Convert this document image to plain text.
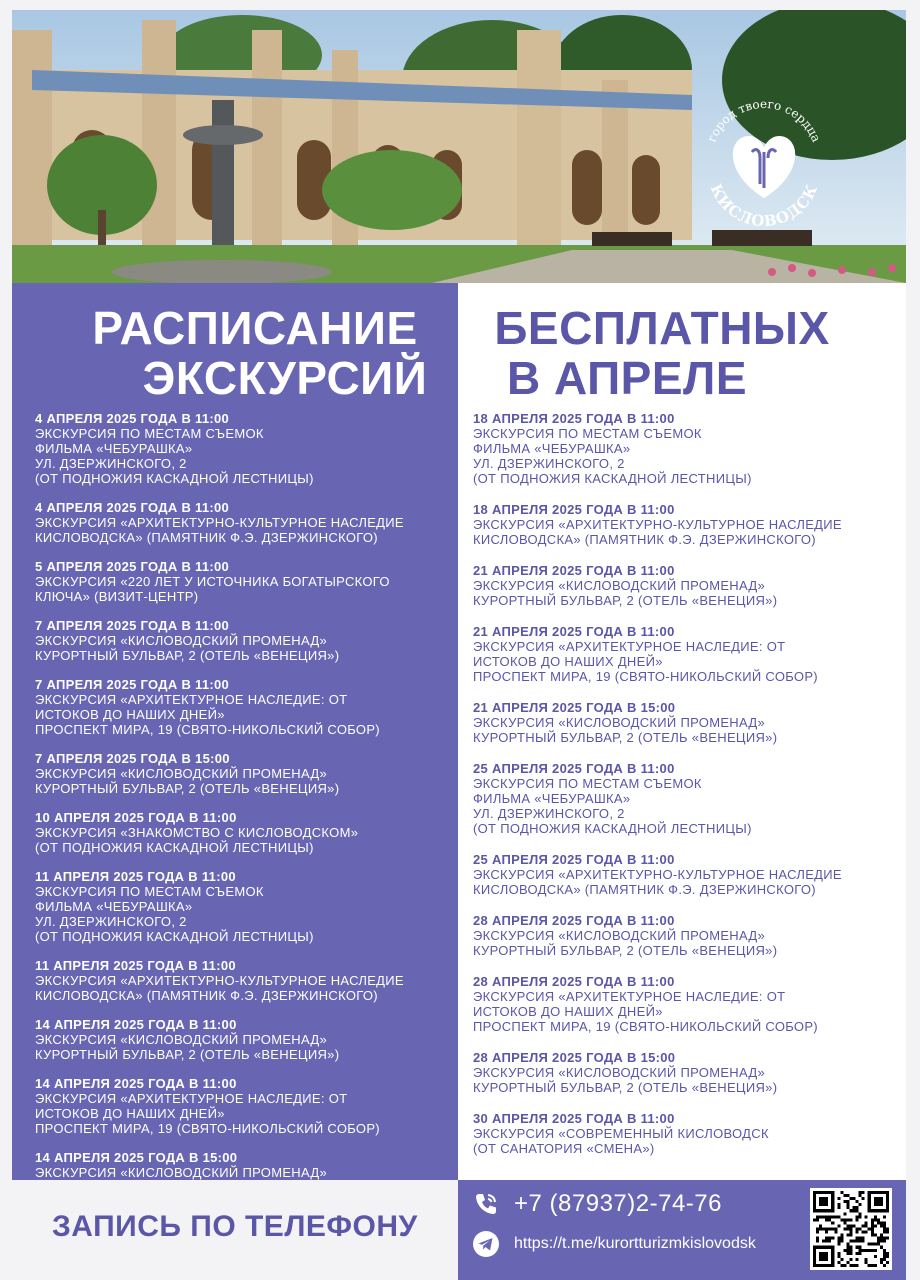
город твоего сердца
КИСЛОВОДСК
РАСПИСАНИЕ
ЭКСКУРСИЙ
4 АПРЕЛЯ 2025 ГОДА В 11:00
ЭКСКУРСИЯ ПО МЕСТАМ СЪЕМОК
ФИЛЬМА «ЧЕБУРАШКА»
УЛ. ДЗЕРЖИНСКОГО, 2
(ОТ ПОДНОЖИЯ КАСКАДНОЙ ЛЕСТНИЦЫ)
4 АПРЕЛЯ 2025 ГОДА В 11:00
ЭКСКУРСИЯ «АРХИТЕКТУРНО-КУЛЬТУРНОЕ НАСЛЕДИЕ
КИСЛОВОДСКА» (ПАМЯТНИК Ф.Э. ДЗЕРЖИНСКОГО)
5 АПРЕЛЯ 2025 ГОДА В 11:00
ЭКСКУРСИЯ «220 ЛЕТ У ИСТОЧНИКА БОГАТЫРСКОГО
КЛЮЧА» (ВИЗИТ-ЦЕНТР)
7 АПРЕЛЯ 2025 ГОДА В 11:00
ЭКСКУРСИЯ «КИСЛОВОДСКИЙ ПРОМЕНАД»
КУРОРТНЫЙ БУЛЬВАР, 2 (ОТЕЛЬ «ВЕНЕЦИЯ»)
7 АПРЕЛЯ 2025 ГОДА В 11:00
ЭКСКУРСИЯ «АРХИТЕКТУРНОЕ НАСЛЕДИЕ: ОТ
ИСТОКОВ ДО НАШИХ ДНЕЙ»
ПРОСПЕКТ МИРА, 19 (СВЯТО-НИКОЛЬСКИЙ СОБОР)
7 АПРЕЛЯ 2025 ГОДА В 15:00
ЭКСКУРСИЯ «КИСЛОВОДСКИЙ ПРОМЕНАД»
КУРОРТНЫЙ БУЛЬВАР, 2 (ОТЕЛЬ «ВЕНЕЦИЯ»)
10 АПРЕЛЯ 2025 ГОДА В 11:00
ЭКСКУРСИЯ «ЗНАКОМСТВО С КИСЛОВОДСКОМ»
(ОТ ПОДНОЖИЯ КАСКАДНОЙ ЛЕСТНИЦЫ)
11 АПРЕЛЯ 2025 ГОДА В 11:00
ЭКСКУРСИЯ ПО МЕСТАМ СЪЕМОК
ФИЛЬМА «ЧЕБУРАШКА»
УЛ. ДЗЕРЖИНСКОГО, 2
(ОТ ПОДНОЖИЯ КАСКАДНОЙ ЛЕСТНИЦЫ)
11 АПРЕЛЯ 2025 ГОДА В 11:00
ЭКСКУРСИЯ «АРХИТЕКТУРНО-КУЛЬТУРНОЕ НАСЛЕДИЕ
КИСЛОВОДСКА» (ПАМЯТНИК Ф.Э. ДЗЕРЖИНСКОГО)
14 АПРЕЛЯ 2025 ГОДА В 11:00
ЭКСКУРСИЯ «КИСЛОВОДСКИЙ ПРОМЕНАД»
КУРОРТНЫЙ БУЛЬВАР, 2 (ОТЕЛЬ «ВЕНЕЦИЯ»)
14 АПРЕЛЯ 2025 ГОДА В 11:00
ЭКСКУРСИЯ «АРХИТЕКТУРНОЕ НАСЛЕДИЕ: ОТ
ИСТОКОВ ДО НАШИХ ДНЕЙ»
ПРОСПЕКТ МИРА, 19 (СВЯТО-НИКОЛЬСКИЙ СОБОР)
14 АПРЕЛЯ 2025 ГОДА В 15:00
ЭКСКУРСИЯ «КИСЛОВОДСКИЙ ПРОМЕНАД»
БЕСПЛАТНЫХ
В АПРЕЛЕ
18 АПРЕЛЯ 2025 ГОДА В 11:00
ЭКСКУРСИЯ ПО МЕСТАМ СЪЕМОК
ФИЛЬМА «ЧЕБУРАШКА»
УЛ. ДЗЕРЖИНСКОГО, 2
(ОТ ПОДНОЖИЯ КАСКАДНОЙ ЛЕСТНИЦЫ)
18 АПРЕЛЯ 2025 ГОДА В 11:00
ЭКСКУРСИЯ «АРХИТЕКТУРНО-КУЛЬТУРНОЕ НАСЛЕДИЕ
КИСЛОВОДСКА» (ПАМЯТНИК Ф.Э. ДЗЕРЖИНСКОГО)
21 АПРЕЛЯ 2025 ГОДА В 11:00
ЭКСКУРСИЯ «КИСЛОВОДСКИЙ ПРОМЕНАД»
КУРОРТНЫЙ БУЛЬВАР, 2 (ОТЕЛЬ «ВЕНЕЦИЯ»)
21 АПРЕЛЯ 2025 ГОДА В 11:00
ЭКСКУРСИЯ «АРХИТЕКТУРНОЕ НАСЛЕДИЕ: ОТ
ИСТОКОВ ДО НАШИХ ДНЕЙ»
ПРОСПЕКТ МИРА, 19 (СВЯТО-НИКОЛЬСКИЙ СОБОР)
21 АПРЕЛЯ 2025 ГОДА В 15:00
ЭКСКУРСИЯ «КИСЛОВОДСКИЙ ПРОМЕНАД»
КУРОРТНЫЙ БУЛЬВАР, 2 (ОТЕЛЬ «ВЕНЕЦИЯ»)
25 АПРЕЛЯ 2025 ГОДА В 11:00
ЭКСКУРСИЯ ПО МЕСТАМ СЪЕМОК
ФИЛЬМА «ЧЕБУРАШКА»
УЛ. ДЗЕРЖИНСКОГО, 2
(ОТ ПОДНОЖИЯ КАСКАДНОЙ ЛЕСТНИЦЫ)
25 АПРЕЛЯ 2025 ГОДА В 11:00
ЭКСКУРСИЯ «АРХИТЕКТУРНО-КУЛЬТУРНОЕ НАСЛЕДИЕ
КИСЛОВОДСКА» (ПАМЯТНИК Ф.Э. ДЗЕРЖИНСКОГО)
28 АПРЕЛЯ 2025 ГОДА В 11:00
ЭКСКУРСИЯ «КИСЛОВОДСКИЙ ПРОМЕНАД»
КУРОРТНЫЙ БУЛЬВАР, 2 (ОТЕЛЬ «ВЕНЕЦИЯ»)
28 АПРЕЛЯ 2025 ГОДА В 11:00
ЭКСКУРСИЯ «АРХИТЕКТУРНОЕ НАСЛЕДИЕ: ОТ
ИСТОКОВ ДО НАШИХ ДНЕЙ»
ПРОСПЕКТ МИРА, 19 (СВЯТО-НИКОЛЬСКИЙ СОБОР)
28 АПРЕЛЯ 2025 ГОДА В 15:00
ЭКСКУРСИЯ «КИСЛОВОДСКИЙ ПРОМЕНАД»
КУРОРТНЫЙ БУЛЬВАР, 2 (ОТЕЛЬ «ВЕНЕЦИЯ»)
30 АПРЕЛЯ 2025 ГОДА В 11:00
ЭКСКУРСИЯ «СОВРЕМЕННЫЙ КИСЛОВОДСК
(ОТ САНАТОРИЯ «СМЕНА»)
ЗАПИСЬ ПО ТЕЛЕФОНУ
+7 (87937)2-74-76
https://t.me/kurortturizmkislovodsk
